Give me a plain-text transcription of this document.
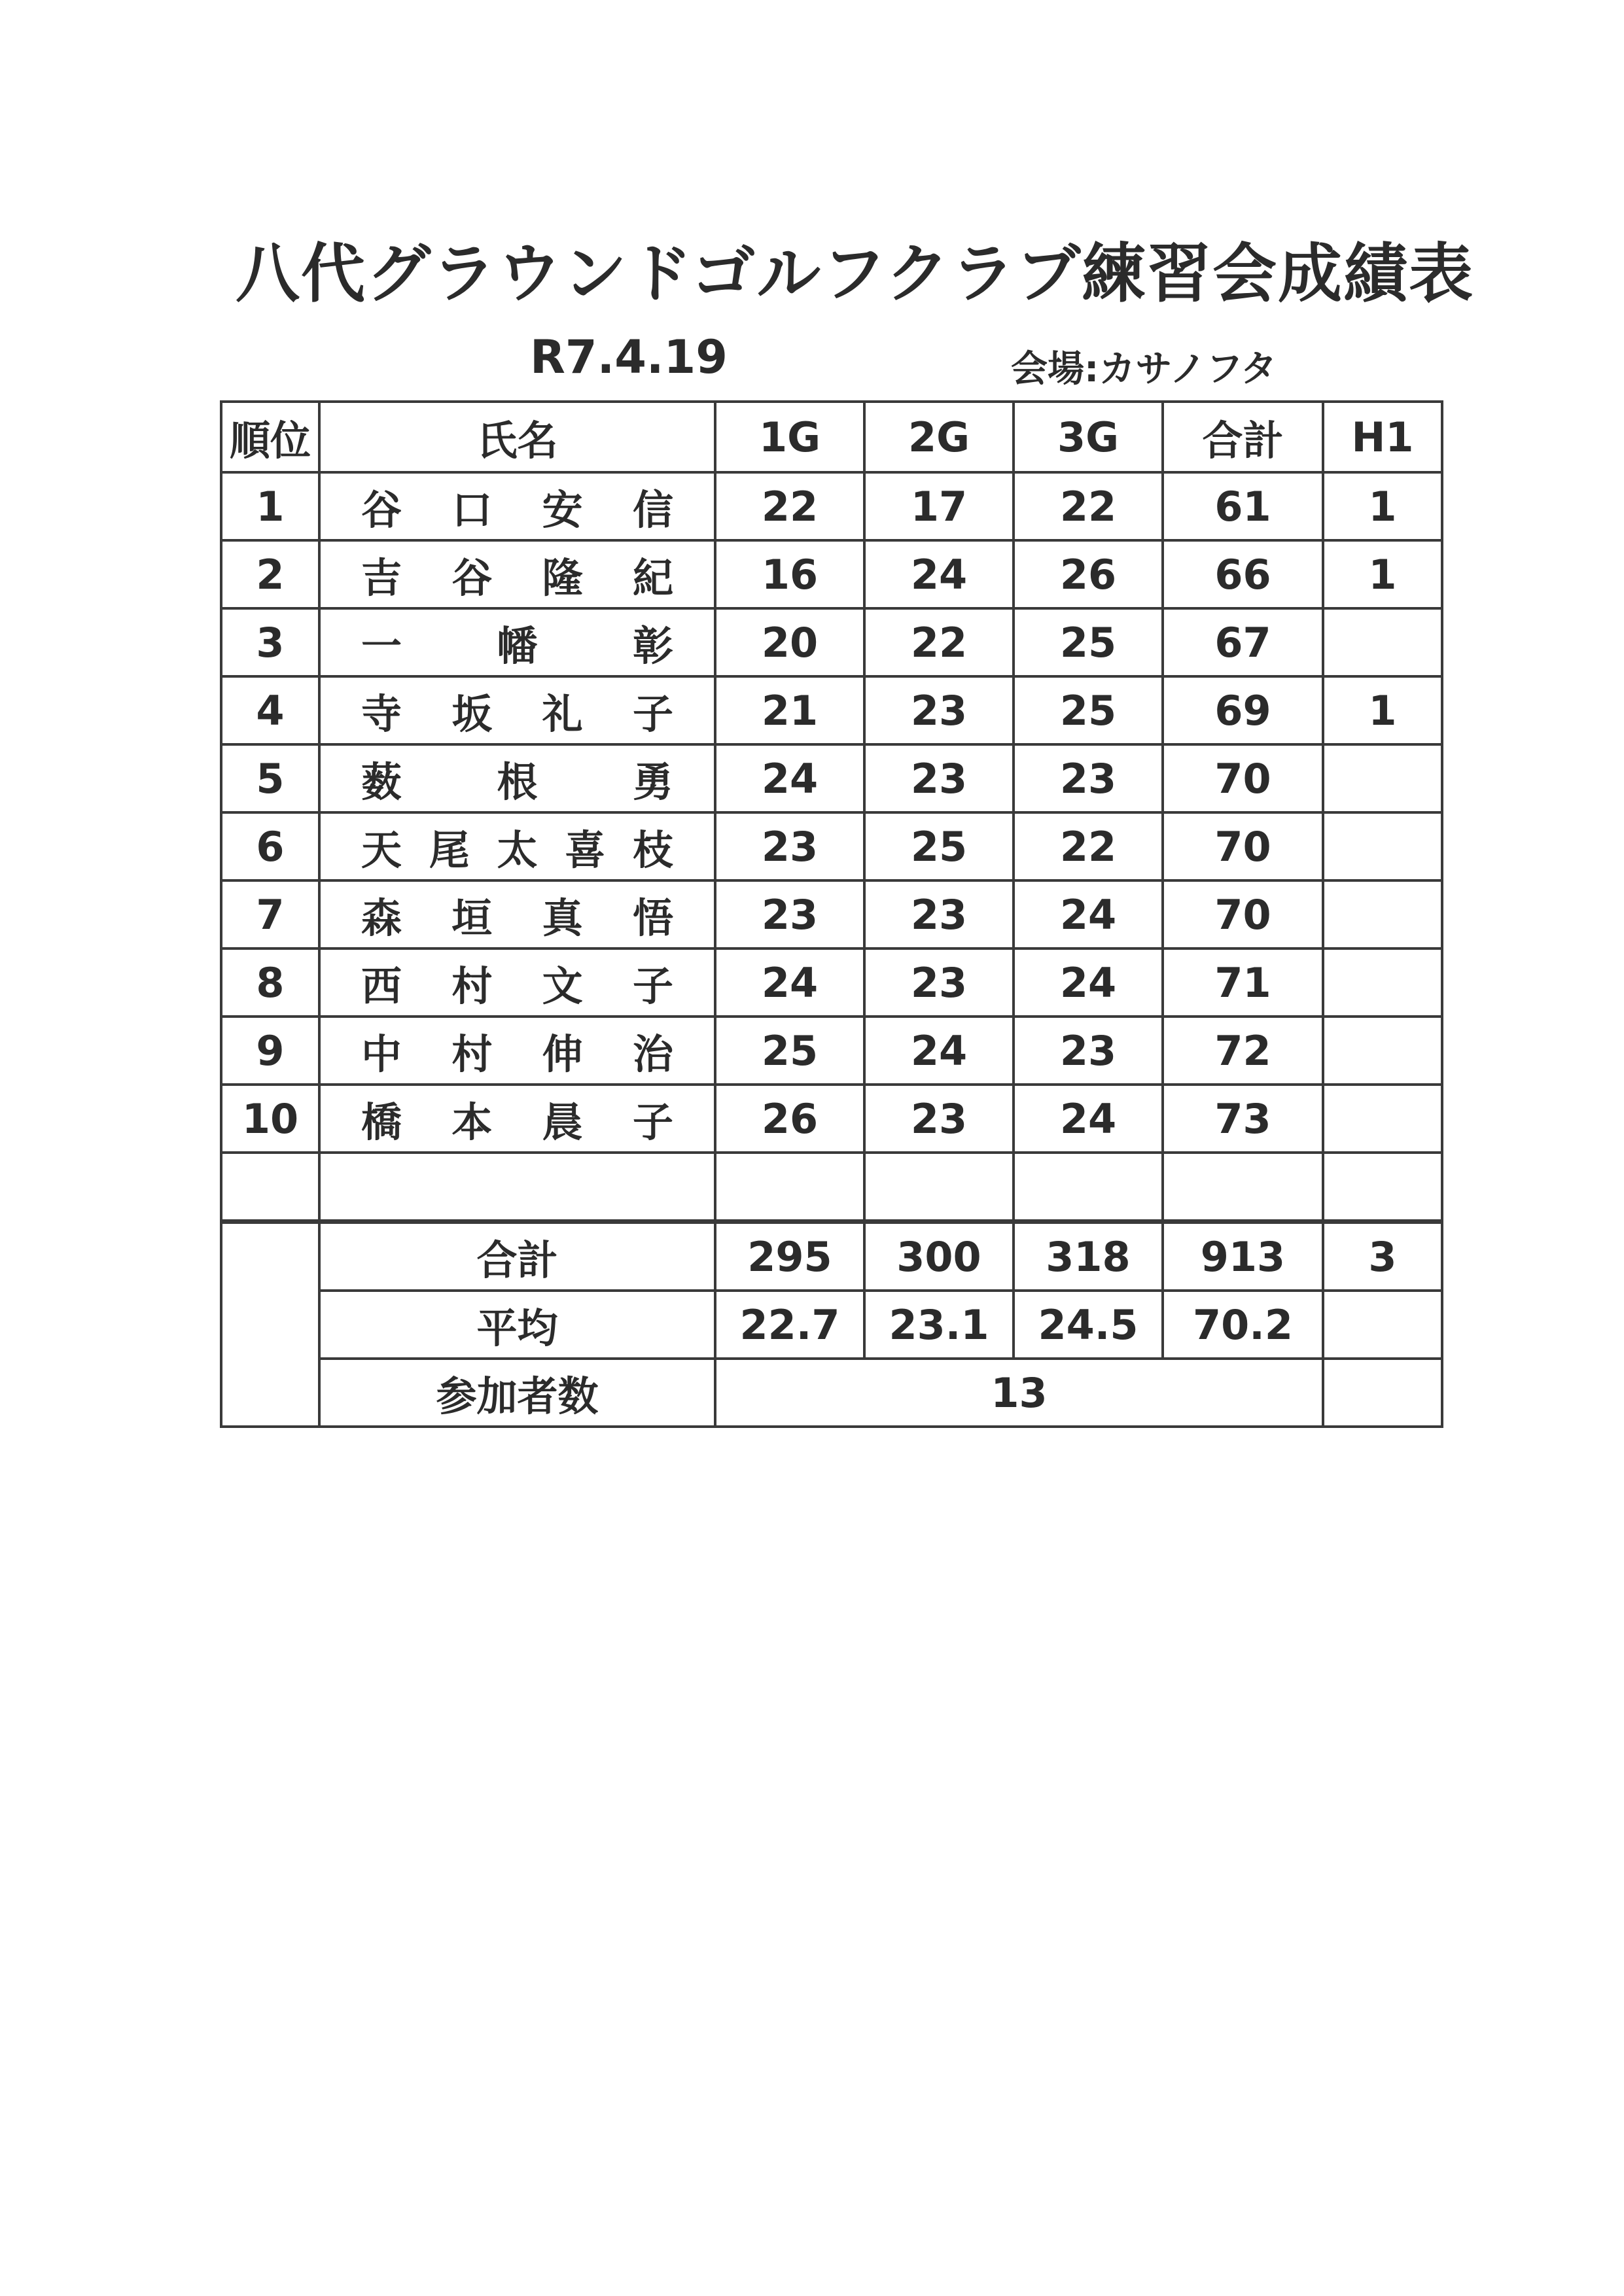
八代グラウンドゴルフクラブ練習会成績表
R7.4.19	会場 : カサノフタ
順位	氏名	1G	2G	3G	合計	H1
1	谷 口 安 信	22	17	22	61	1
2	吉 谷 隆 紀	16	24	26	66	1
3	一 幡 彰	20	22	25	67	
4	寺 坂 礼 子	21	23	25	69	1
5	薮 根 勇	24	23	23	70	
6	天 尾 太 喜 枝	23	25	22	70	
7	森 垣 真 悟	23	23	24	70	
8	西 村 文 子	24	23	24	71	
9	中 村 伸 治	25	24	23	72	
10	橋 本 晨 子	26	23	24	73	

	合計	295	300	318	913	3
	平均	22.7	23.1	24.5	70.2	
	参加者数	13				
